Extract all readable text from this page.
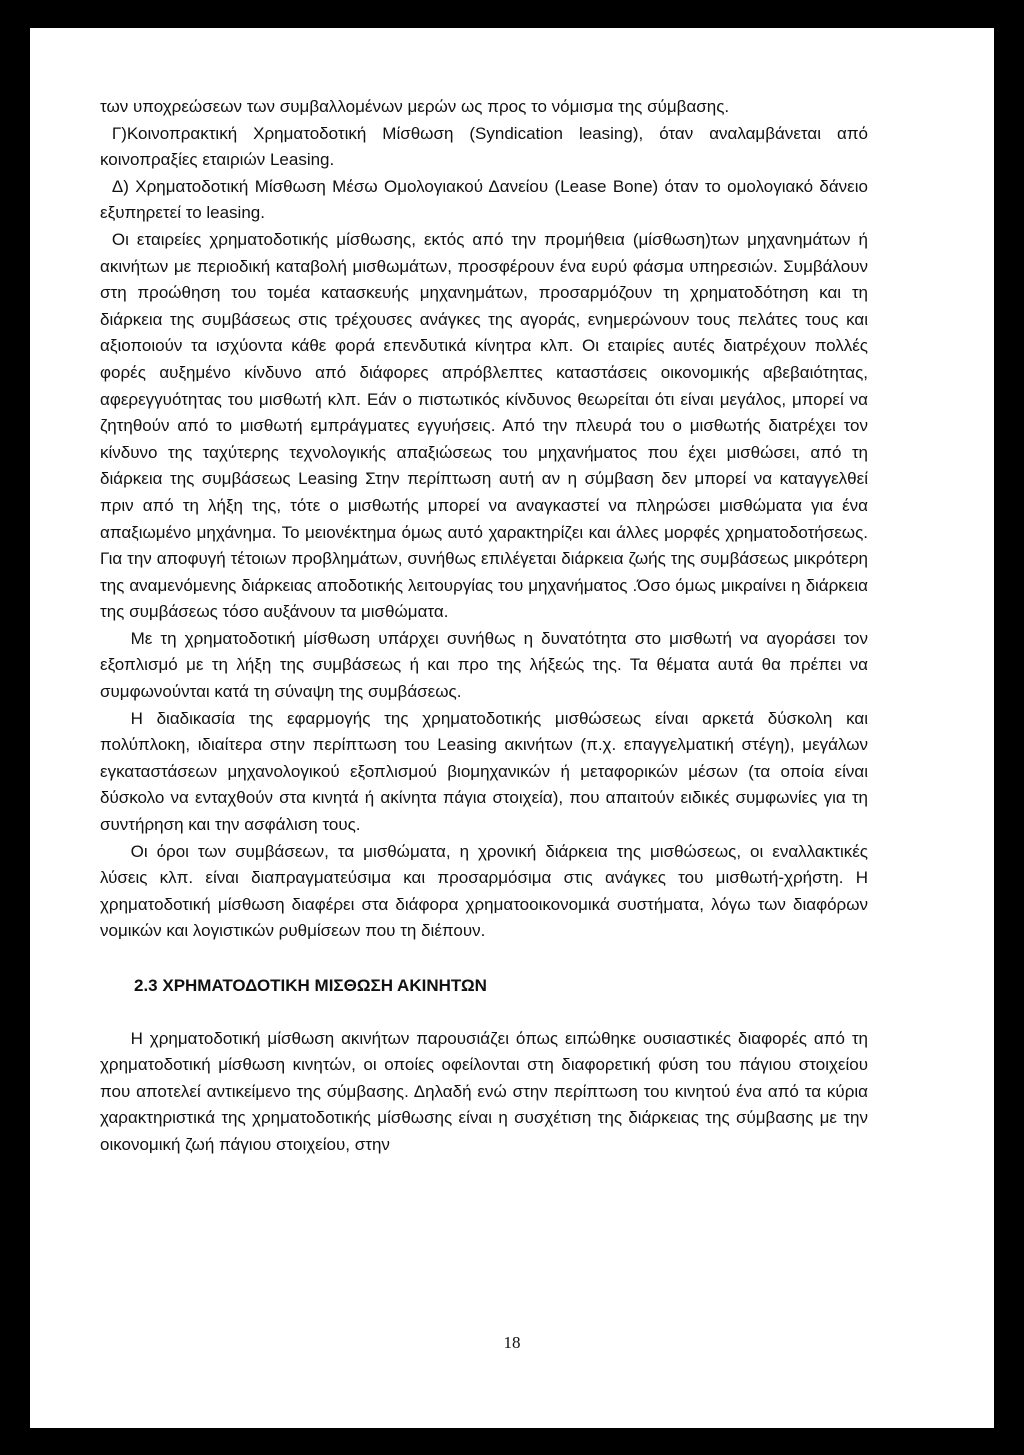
των υποχρεώσεων των συμβαλλομένων μερών ως προς το νόμισμα της σύμβασης.

Γ)Κοινοπρακτική Χρηματοδοτική Μίσθωση (Syndication leasing), όταν αναλαμβάνεται από κοινοπραξίες εταιριών Leasing.

Δ) Χρηματοδοτική Μίσθωση Μέσω Ομολογιακού Δανείου (Lease Bone) όταν το ομολογιακό δάνειο εξυπηρετεί το leasing.

Οι εταιρείες χρηματοδοτικής μίσθωσης, εκτός από την προμήθεια (μίσθωση)των μηχανημάτων ή ακινήτων με περιοδική καταβολή μισθωμάτων, προσφέρουν ένα ευρύ φάσμα υπηρεσιών. Συμβάλουν στη προώθηση του τομέα κατασκευής μηχανημάτων, προσαρμόζουν τη χρηματοδότηση και τη διάρκεια της συμβάσεως στις τρέχουσες ανάγκες της αγοράς, ενημερώνουν τους πελάτες τους και αξιοποιούν τα ισχύοντα κάθε φορά επενδυτικά κίνητρα κλπ. Οι εταιρίες αυτές διατρέχουν πολλές φορές αυξημένο κίνδυνο από διάφορες απρόβλεπτες καταστάσεις οικονομικής αβεβαιότητας, αφερεγγυότητας του μισθωτή κλπ. Εάν ο πιστωτικός κίνδυνος θεωρείται ότι είναι μεγάλος, μπορεί να ζητηθούν από το μισθωτή εμπράγματες εγγυήσεις. Από την πλευρά του ο μισθωτής διατρέχει τον κίνδυνο της ταχύτερης τεχνολογικής απαξιώσεως του μηχανήματος που έχει μισθώσει, από τη διάρκεια της συμβάσεως Leasing Στην περίπτωση αυτή αν η σύμβαση δεν μπορεί να καταγγελθεί πριν από τη λήξη της, τότε ο μισθωτής μπορεί να αναγκαστεί να πληρώσει μισθώματα για ένα απαξιωμένο μηχάνημα. Το μειονέκτημα όμως αυτό χαρακτηρίζει και άλλες μορφές χρηματοδοτήσεως. Για την αποφυγή τέτοιων προβλημάτων, συνήθως επιλέγεται διάρκεια ζωής της συμβάσεως μικρότερη της αναμενόμενης διάρκειας αποδοτικής λειτουργίας του μηχανήματος .Όσο όμως μικραίνει η διάρκεια της συμβάσεως τόσο αυξάνουν τα μισθώματα.

Με τη χρηματοδοτική μίσθωση υπάρχει συνήθως η δυνατότητα στο μισθωτή να αγοράσει τον εξοπλισμό με τη λήξη της συμβάσεως ή και προ της λήξεώς της. Τα θέματα αυτά θα πρέπει να συμφωνούνται κατά τη σύναψη της συμβάσεως.

Η διαδικασία της εφαρμογής της χρηματοδοτικής μισθώσεως είναι αρκετά δύσκολη και πολύπλοκη, ιδιαίτερα στην περίπτωση του Leasing ακινήτων (π.χ. επαγγελματική στέγη), μεγάλων εγκαταστάσεων μηχανολογικού εξοπλισμού βιομηχανικών ή μεταφορικών μέσων (τα οποία είναι δύσκολο να ενταχθούν στα κινητά ή ακίνητα πάγια στοιχεία), που απαιτούν ειδικές συμφωνίες για τη συντήρηση και την ασφάλιση τους.

Οι όροι των συμβάσεων, τα μισθώματα, η χρονική διάρκεια της μισθώσεως, οι εναλλακτικές λύσεις κλπ. είναι διαπραγματεύσιμα και προσαρμόσιμα στις ανάγκες του μισθωτή-χρήστη. Η χρηματοδοτική μίσθωση διαφέρει στα διάφορα χρηματοοικονομικά συστήματα, λόγω των διαφόρων νομικών και λογιστικών ρυθμίσεων που τη διέπουν.

2.3 ΧΡΗΜΑΤΟΔΟΤΙΚΗ ΜΙΣΘΩΣΗ ΑΚΙΝΗΤΩΝ

Η χρηματοδοτική μίσθωση ακινήτων παρουσιάζει όπως ειπώθηκε ουσιαστικές διαφορές από τη χρηματοδοτική μίσθωση κινητών, οι οποίες οφείλονται στη διαφορετική φύση του πάγιου στοιχείου που αποτελεί αντικείμενο της σύμβασης. Δηλαδή ενώ στην περίπτωση του κινητού ένα από τα κύρια χαρακτηριστικά της χρηματοδοτικής μίσθωσης είναι η συσχέτιση της διάρκειας της σύμβασης με την οικονομική ζωή πάγιου στοιχείου, στην

18
